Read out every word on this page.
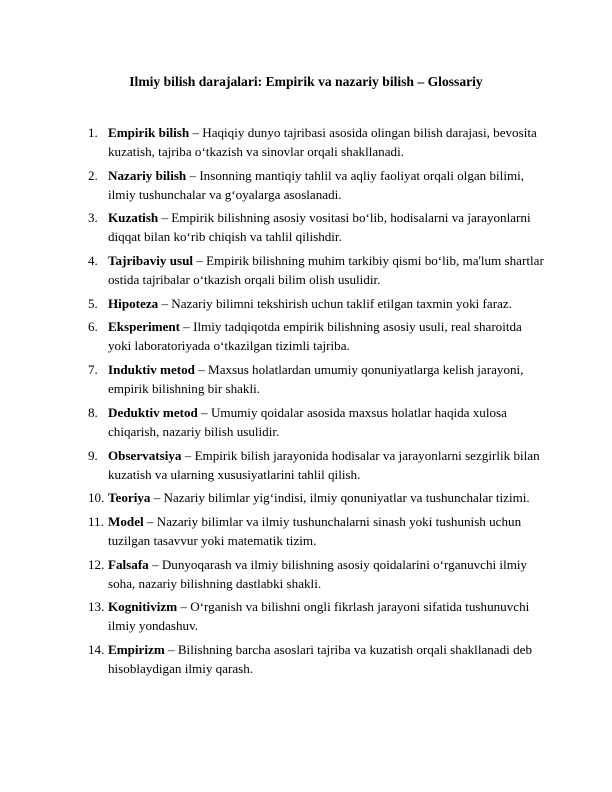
Ilmiy bilish darajalari: Empirik va nazariy bilish – Glossariy
1. Empirik bilish – Haqiqiy dunyo tajribasi asosida olingan bilish darajasi, bevosita kuzatish, tajriba oʻtkazish va sinovlar orqali shakllanadi.
2. Nazariy bilish – Insonning mantiqiy tahlil va aqliy faoliyat orqali olgan bilimi, ilmiy tushunchalar va gʻoyalarga asoslanadi.
3. Kuzatish – Empirik bilishning asosiy vositasi boʻlib, hodisalarni va jarayonlarni diqqat bilan koʻrib chiqish va tahlil qilishdir.
4. Tajribaviy usul – Empirik bilishning muhim tarkibiy qismi boʻlib, ma'lum shartlar ostida tajribalar oʻtkazish orqali bilim olish usulidir.
5. Hipoteza – Nazariy bilimni tekshirish uchun taklif etilgan taxmin yoki faraz.
6. Eksperiment – Ilmiy tadqiqotda empirik bilishning asosiy usuli, real sharoitda yoki laboratoriyada oʻtkazilgan tizimli tajriba.
7. Induktiv metod – Maxsus holatlardan umumiy qonuniyatlarga kelish jarayoni, empirik bilishning bir shakli.
8. Deduktiv metod – Umumiy qoidalar asosida maxsus holatlar haqida xulosa chiqarish, nazariy bilish usulidir.
9. Observatsiya – Empirik bilish jarayonida hodisalar va jarayonlarni sezgirlik bilan kuzatish va ularning xususiyatlarini tahlil qilish.
10. Teoriya – Nazariy bilimlar yigʻindisi, ilmiy qonuniyatlar va tushunchalar tizimi.
11. Model – Nazariy bilimlar va ilmiy tushunchalarni sinash yoki tushunish uchun tuzilgan tasavvur yoki matematik tizim.
12. Falsafa – Dunyoqarash va ilmiy bilishning asosiy qoidalarini oʻrganuvchi ilmiy soha, nazariy bilishning dastlabki shakli.
13. Kognitivizm – Oʻrganish va bilishni ongli fikrlash jarayoni sifatida tushunuvchi ilmiy yondashuv.
14. Empirizm – Bilishning barcha asoslari tajriba va kuzatish orqali shakllanadi deb hisoblaydigan ilmiy qarash.
